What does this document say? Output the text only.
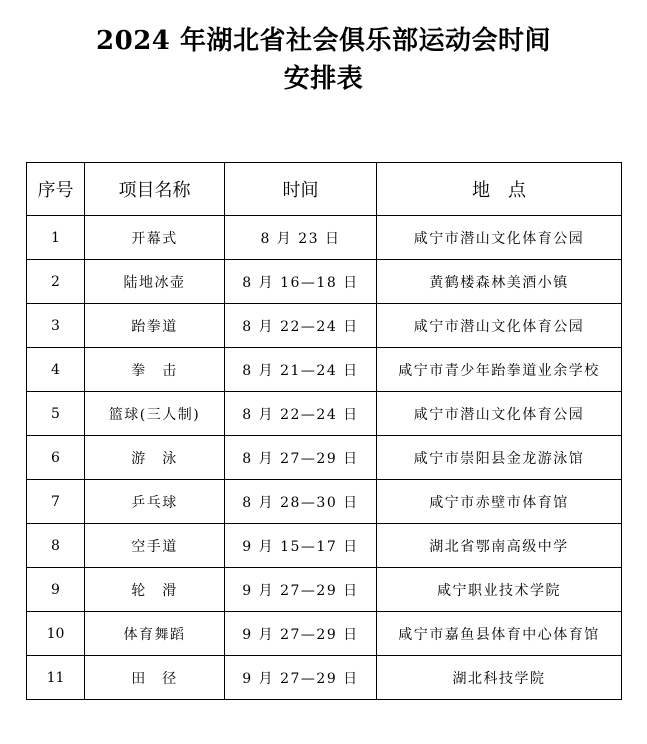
2024 年湖北省社会俱乐部运动会时间
安排表
序号	项目名称	时间	地　点
1	开幕式	8 月 23 日	咸宁市潜山文化体育公园
2	陆地冰壶	8 月 16—18 日	黄鹤楼森林美酒小镇
3	跆拳道	8 月 22—24 日	咸宁市潜山文化体育公园
4	拳　击	8 月 21—24 日	咸宁市青少年跆拳道业余学校
5	篮球(三人制)	8 月 22—24 日	咸宁市潜山文化体育公园
6	游　泳	8 月 27—29 日	咸宁市崇阳县金龙游泳馆
7	乒乓球	8 月 28—30 日	咸宁市赤壁市体育馆
8	空手道	9 月 15—17 日	湖北省鄂南高级中学
9	轮　滑	9 月 27—29 日	咸宁职业技术学院
10	体育舞蹈	9 月 27—29 日	咸宁市嘉鱼县体育中心体育馆
11	田　径	9 月 27—29 日	湖北科技学院
